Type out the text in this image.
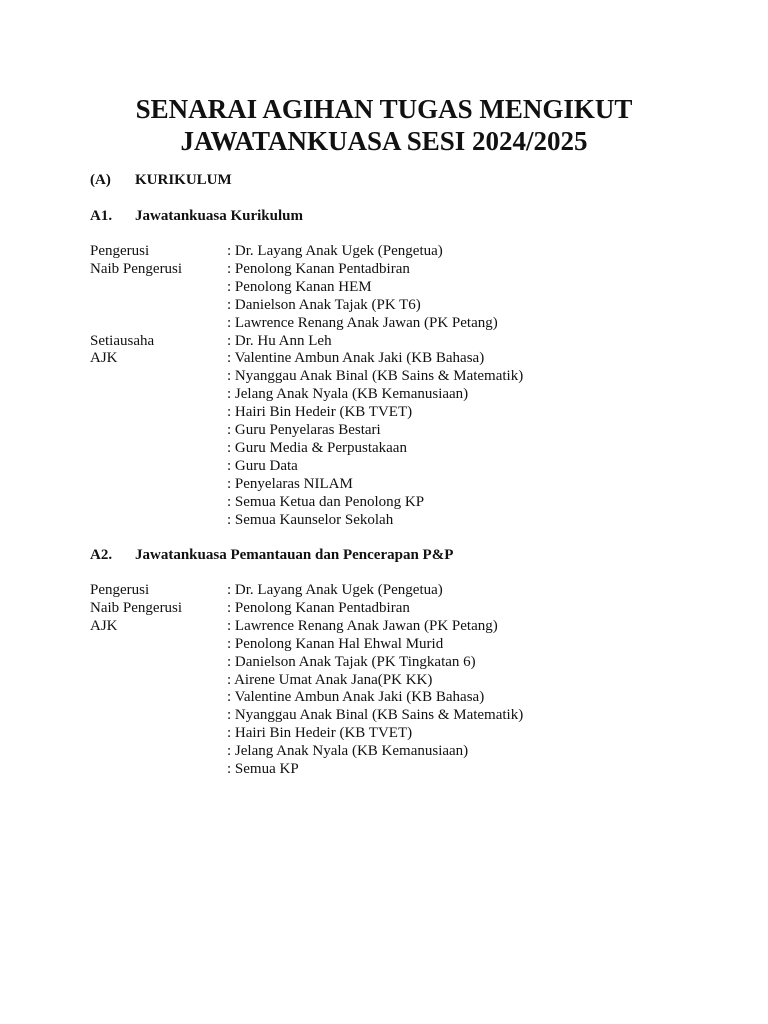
SENARAI AGIHAN TUGAS MENGIKUT
JAWATANKUASA SESI 2024/2025
(A) KURIKULUM
A1. Jawatankuasa Kurikulum
Pengerusi	: Dr. Layang Anak Ugek (Pengetua)
Naib Pengerusi	: Penolong Kanan Pentadbiran
: Penolong Kanan HEM
: Danielson Anak Tajak (PK T6)
: Lawrence Renang Anak Jawan (PK Petang)
Setiausaha	: Dr. Hu Ann Leh
AJK	: Valentine Ambun Anak Jaki (KB Bahasa)
: Nyanggau Anak Binal (KB Sains & Matematik)
: Jelang Anak Nyala (KB Kemanusiaan)
: Hairi Bin Hedeir (KB TVET)
: Guru Penyelaras Bestari
: Guru Media & Perpustakaan
: Guru Data
: Penyelaras NILAM
: Semua Ketua dan Penolong KP
: Semua Kaunselor Sekolah
A2. Jawatankuasa Pemantauan dan Pencerapan P&P
Pengerusi	: Dr. Layang Anak Ugek (Pengetua)
Naib Pengerusi	: Penolong Kanan Pentadbiran
AJK	: Lawrence Renang Anak Jawan (PK Petang)
: Penolong Kanan Hal Ehwal Murid
: Danielson Anak Tajak (PK Tingkatan 6)
: Airene Umat Anak Jana(PK KK)
: Valentine Ambun Anak Jaki (KB Bahasa)
: Nyanggau Anak Binal (KB Sains & Matematik)
: Hairi Bin Hedeir (KB TVET)
: Jelang Anak Nyala (KB Kemanusiaan)
: Semua KP
